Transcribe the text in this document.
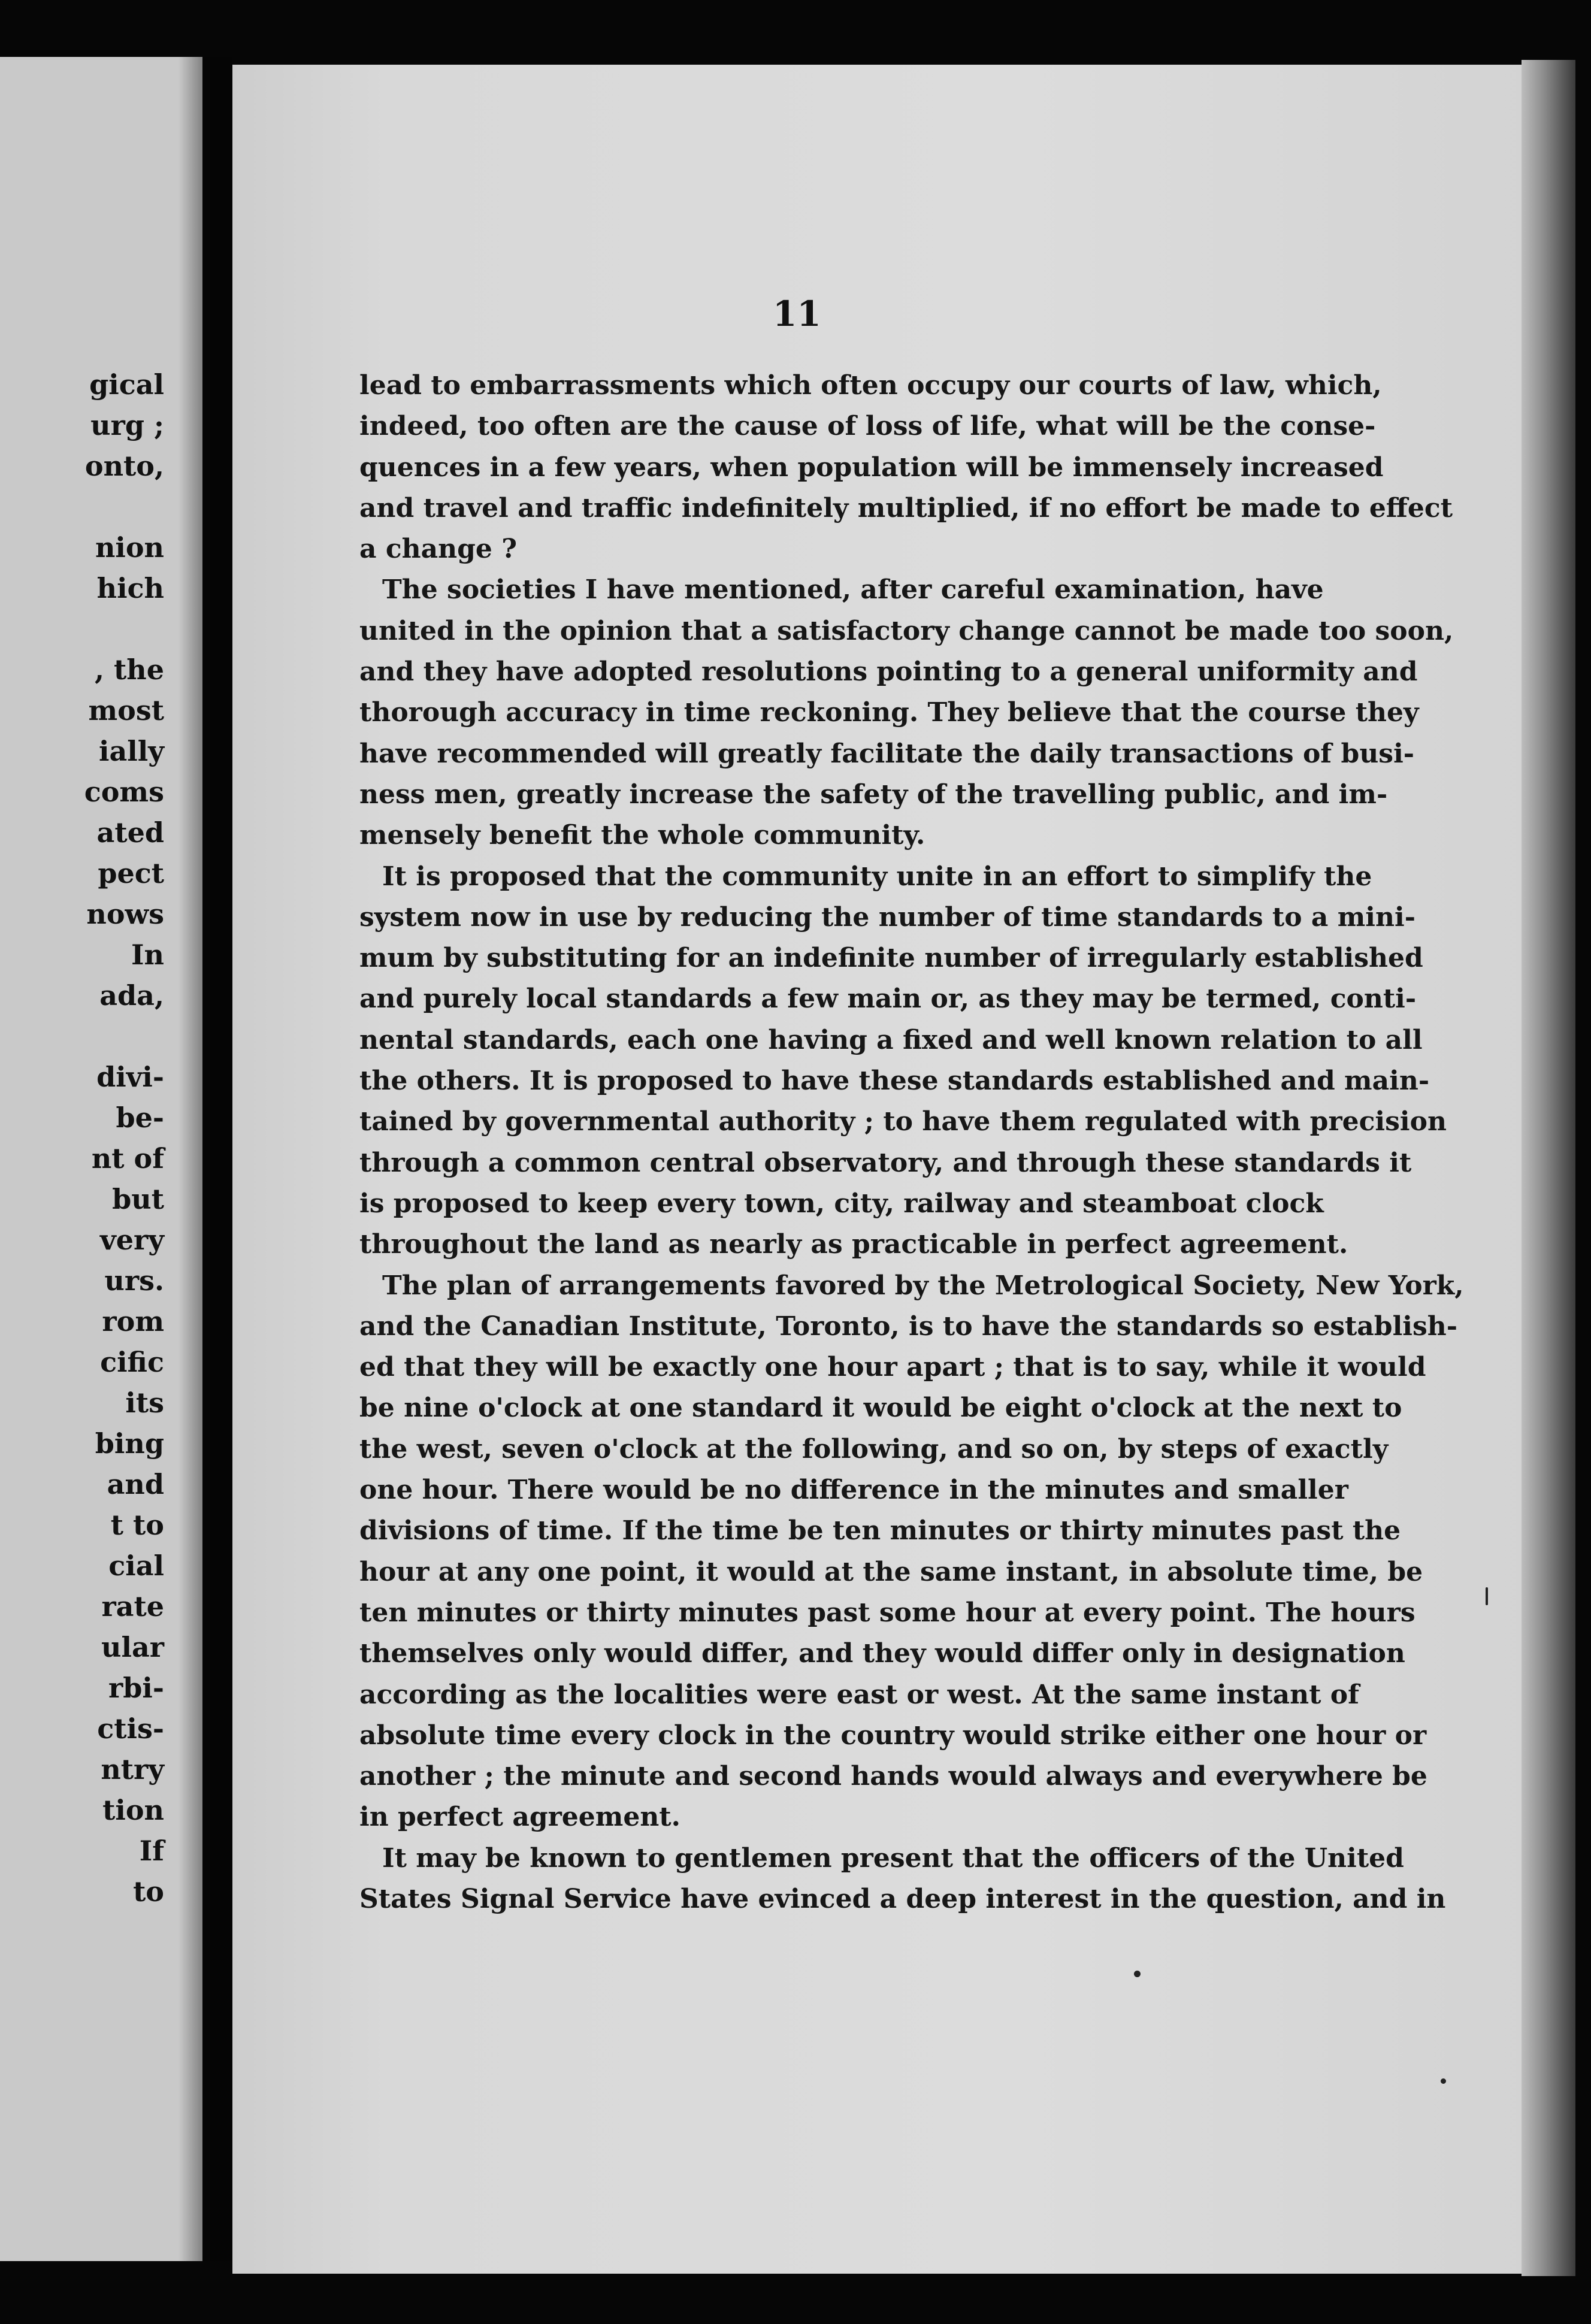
gical
urg ;
onto,
nion
hich
, the
most
ially
coms
ated
pect
nows
In
ada,
divi-
be-
nt of
but
very
urs.
rom
cific
its
bing
and
t to
cial
rate
ular
rbi-
ctis-
ntry
tion
If
to
11
lead to embarrassments which often occupy our courts of law, which,
indeed, too often are the cause of loss of life, what will be the conse-
quences in a few years, when population will be immensely increased
and travel and traffic indefinitely multiplied, if no effort be made to effect
a change ?
The societies I have mentioned, after careful examination, have
united in the opinion that a satisfactory change cannot be made too soon,
and they have adopted resolutions pointing to a general uniformity and
thorough accuracy in time reckoning. They believe that the course they
have recommended will greatly facilitate the daily transactions of busi-
ness men, greatly increase the safety of the travelling public, and im-
mensely benefit the whole community.
It is proposed that the community unite in an effort to simplify the
system now in use by reducing the number of time standards to a mini-
mum by substituting for an indefinite number of irregularly established
and purely local standards a few main or, as they may be termed, conti-
nental standards, each one having a fixed and well known relation to all
the others. It is proposed to have these standards established and main-
tained by governmental authority ; to have them regulated with precision
through a common central observatory, and through these standards it
is proposed to keep every town, city, railway and steamboat clock
throughout the land as nearly as practicable in perfect agreement.
The plan of arrangements favored by the Metrological Society, New York,
and the Canadian Institute, Toronto, is to have the standards so establish-
ed that they will be exactly one hour apart ; that is to say, while it would
be nine o'clock at one standard it would be eight o'clock at the next to
the west, seven o'clock at the following, and so on, by steps of exactly
one hour. There would be no difference in the minutes and smaller
divisions of time. If the time be ten minutes or thirty minutes past the
hour at any one point, it would at the same instant, in absolute time, be
ten minutes or thirty minutes past some hour at every point. The hours
themselves only would differ, and they would differ only in designation
according as the localities were east or west. At the same instant of
absolute time every clock in the country would strike either one hour or
another ; the minute and second hands would always and everywhere be
in perfect agreement.
It may be known to gentlemen present that the officers of the United
States Signal Service have evinced a deep interest in the question, and in
